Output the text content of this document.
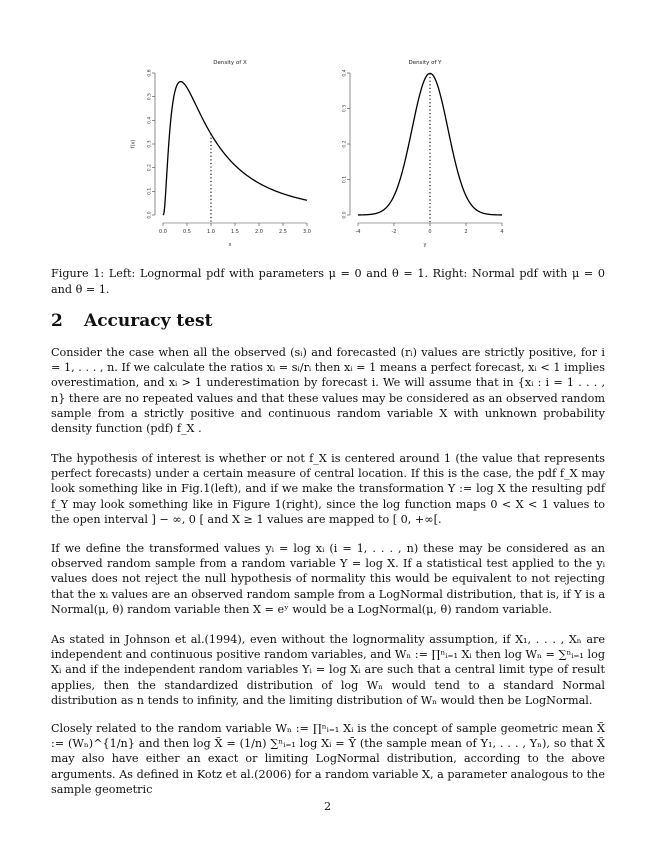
Density of X
f(x)
0.0	0.5	1.0	1.5	2.0	2.5	3.0
0.0
0.1
0.2
0.3
0.4
0.5
0.6
x
Density of Y
-4	-2	0	2	4
0.0
0.1
0.2
0.3
0.4
y
Figure 1: Left: Lognormal pdf with parameters μ = 0 and θ = 1. Right: Normal pdf with μ = 0 and θ = 1.
2 Accuracy test
Consider the case when all the observed (sᵢ) and forecasted (rᵢ) values are strictly positive, for i = 1, . . . , n. If we calculate the ratios xᵢ = sᵢ/rᵢ then xᵢ = 1 means a perfect forecast, xᵢ < 1 implies overestimation, and xᵢ > 1 underestimation by forecast i. We will assume that in {xᵢ : i = 1 . . . , n} there are no repeated values and that these values may be considered as an observed random sample from a strictly positive and continuous random variable X with unknown probability density function (pdf) f_X .
The hypothesis of interest is whether or not f_X is centered around 1 (the value that represents perfect forecasts) under a certain measure of central location. If this is the case, the pdf f_X may look something like in Fig.1(left), and if we make the transformation Y := log X the resulting pdf f_Y may look something like in Figure 1(right), since the log function maps 0 < X < 1 values to the open interval ] − ∞, 0 [ and X ≥ 1 values are mapped to [ 0, +∞[.
If we define the transformed values yᵢ = log xᵢ (i = 1, . . . , n) these may be considered as an observed random sample from a random variable Y = log X. If a statistical test applied to the yᵢ values does not reject the null hypothesis of normality this would be equivalent to not rejecting that the xᵢ values are an observed random sample from a LogNormal distribution, that is, if Y is a Normal(μ, θ) random variable then X = eʸ would be a LogNormal(μ, θ) random variable.
As stated in Johnson et al.(1994), even without the lognormality assumption, if X₁, . . . , Xₙ are independent and continuous positive random variables, and Wₙ := ∏ⁿᵢ₌₁ Xᵢ then log Wₙ = ∑ⁿᵢ₌₁ log Xᵢ and if the independent random variables Yᵢ = log Xᵢ are such that a central limit type of result applies, then the standardized distribution of log Wₙ would tend to a standard Normal distribution as n tends to infinity, and the limiting distribution of Wₙ would then be LogNormal.
Closely related to the random variable Wₙ := ∏ⁿᵢ₌₁ Xᵢ is the concept of sample geometric mean X̃ := (Wₙ)^{1/n} and then log X̃ = (1/n) ∑ⁿᵢ₌₁ log Xᵢ = Ȳ (the sample mean of Y₁, . . . , Yₙ), so that X̃ may also have either an exact or limiting LogNormal distribution, according to the above arguments. As defined in Kotz et al.(2006) for a random variable X, a parameter analogous to the sample geometric
2
